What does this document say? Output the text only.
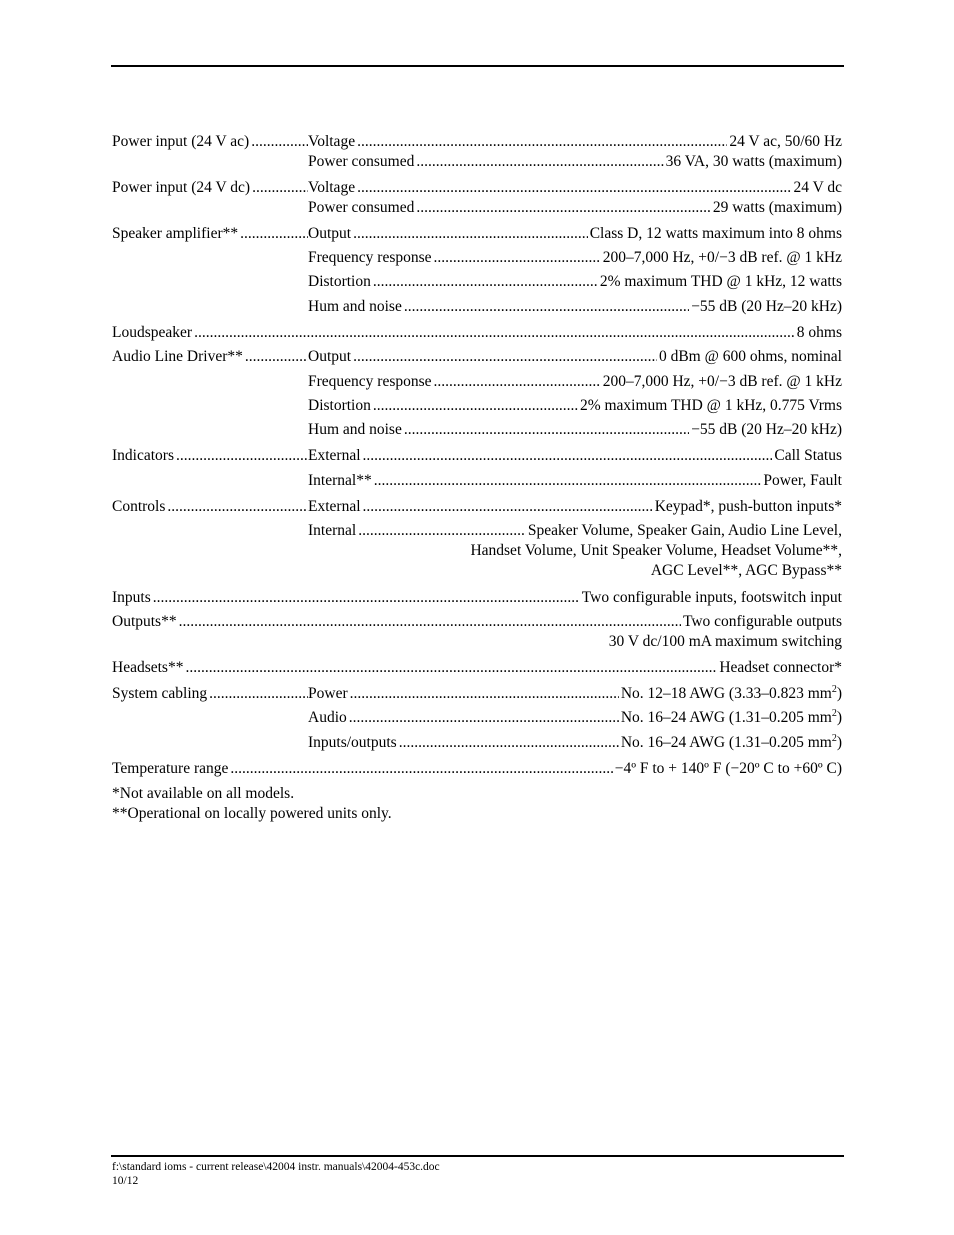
Power input (24 V ac) .....	Voltage .....	24 V ac, 50/60 Hz
Power consumed .....	36 VA, 30 watts (maximum)
Power input (24 V dc) .....	Voltage .....	24 V dc
Power consumed .....	29 watts (maximum)
Speaker amplifier** .....	Output .....	Class D, 12 watts maximum into 8 ohms
Frequency response .....	200–7,000 Hz, +0/−3 dB ref. @ 1 kHz
Distortion .....	2% maximum THD @ 1 kHz, 12 watts
Hum and noise .....	−55 dB (20 Hz–20 kHz)
Loudspeaker .....	8 ohms
Audio Line Driver** .....	Output .....	0 dBm @ 600 ohms, nominal
Frequency response .....	200–7,000 Hz, +0/−3 dB ref. @ 1 kHz
Distortion .....	2% maximum THD @ 1 kHz, 0.775 Vrms
Hum and noise .....	−55 dB (20 Hz–20 kHz)
Indicators .....	External .....	Call Status
Internal** .....	Power, Fault
Controls .....	External .....	Keypad*, push-button inputs*
Internal .....	Speaker Volume, Speaker Gain, Audio Line Level,
Handset Volume, Unit Speaker Volume, Headset Volume**,
AGC Level**, AGC Bypass**
Inputs .....	Two configurable inputs, footswitch input
Outputs** .....	Two configurable outputs
30 V dc/100 mA maximum switching
Headsets** .....	Headset connector*
System cabling .....	Power .....	No. 12–18 AWG (3.33–0.823 $mm^2$)
Audio .....	No. 16–24 AWG (1.31–0.205 $mm^2$)
Inputs/outputs .....	No. 16–24 AWG (1.31–0.205 $mm^2$)
Temperature range .....	−4º F to + 140º F (−20º C to +60º C)
*Not available on all models.
**Operational on locally powered units only.
f:\standard ioms - current release\42004 instr. manuals\42004-453c.doc
10/12
